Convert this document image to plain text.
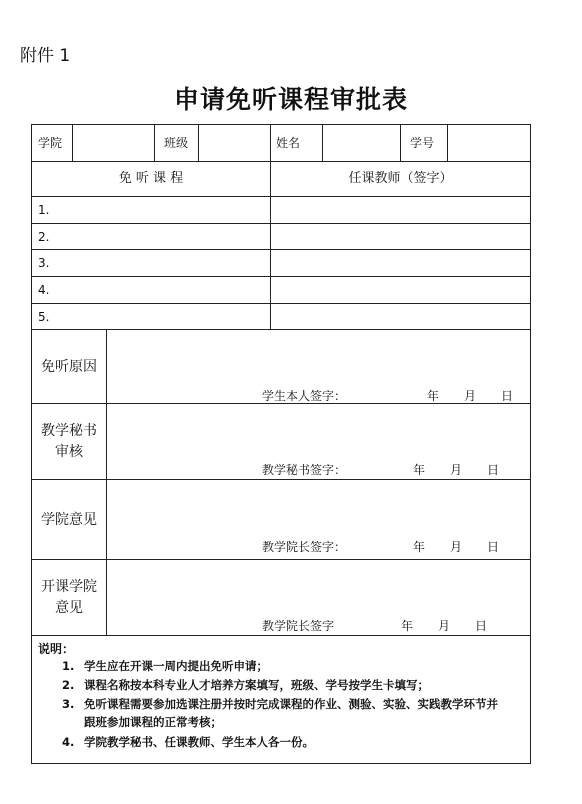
附件 1
申请免听课程审批表
学院	班级	姓名	学号
免 听 课 程	任课教师（签字）
1.
2.
3.
4.
5.
免听原因
学生本人签字：	年 月 日
教学秘书
审核
教学秘书签字：	年 月 日
学院意见
教学院长签字：	年 月 日
开课学院
意见
教学院长签字	年 月 日
说明：
1. 学生应在开课一周内提出免听申请；
2. 课程名称按本科专业人才培养方案填写，班级、学号按学生卡填写；
3. 免听课程需要参加选课注册并按时完成课程的作业、测验、实验、实践教学环节并跟班参加课程的正常考核；
4. 学院教学秘书、任课教师、学生本人各一份。
